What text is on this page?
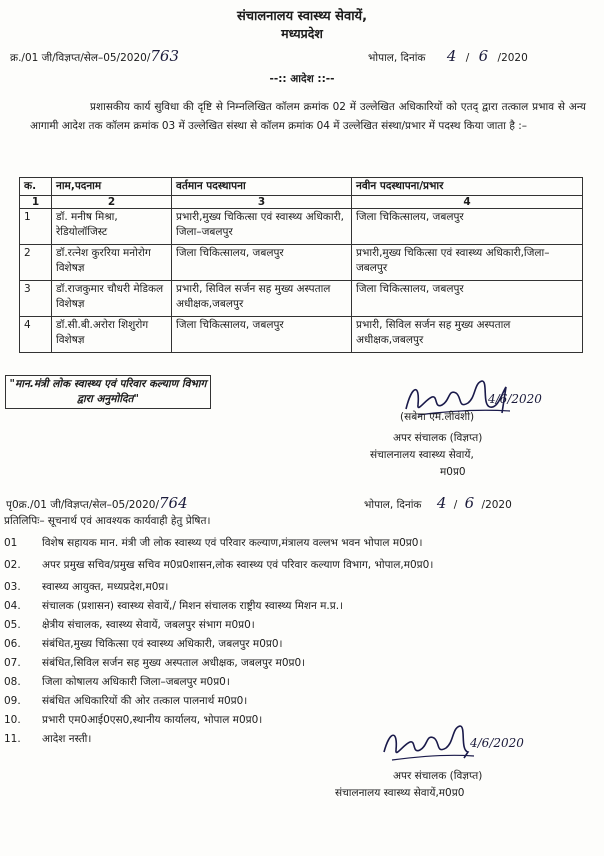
संचालनालय स्वास्थ्य सेवायें,
मध्यप्रदेश
क्र./01 जी/विज्ञप्त/सेल–05/2020/763	भोपाल, दिनांक 4 / 6 /2020
--:: आदेश ::--
प्रशासकीय कार्य सुविधा की दृष्टि से निम्नलिखित कॉलम क्रमांक 02 में उल्लेखित अधिकारियों को एतद् द्वारा तत्काल प्रभाव से अन्य आगामी आदेश तक कॉलम क्रमांक 03 में उल्लेखित संस्था से कॉलम क्रमांक 04 में उल्लेखित संस्था/प्रभार में पदस्थ किया जाता है :–
क.	नाम,पदनाम	वर्तमान पदस्थापना	नवीन पदस्थापना/प्रभार
1	2	3	4
1	डॉ. मनीष मिश्रा, रेडियोलॉजिस्ट	प्रभारी,मुख्य चिकित्सा एवं स्वास्थ्य अधिकारी, जिला–जबलपुर	जिला चिकित्सालय, जबलपुर
2	डॉ.रत्नेश कुररिया मनोरोग विशेषज्ञ	जिला चिकित्सालय, जबलपुर	प्रभारी,मुख्य चिकित्सा एवं स्वास्थ्य अधिकारी,जिला–जबलपुर
3	डॉ.राजकुमार चौधरी मेडिकल विशेषज्ञ	प्रभारी, सिविल सर्जन सह मुख्य अस्पताल अधीक्षक,जबलपुर	जिला चिकित्सालय, जबलपुर
4	डॉ.सी.बी.अरोरा शिशुरोग विशेषज्ञ	जिला चिकित्सालय, जबलपुर	प्रभारी, सिविल सर्जन सह मुख्य अस्पताल अधीक्षक,जबलपुर
"मान.मंत्री लोक स्वास्थ्य एवं परिवार कल्याण विभाग द्वारा अनुमोदित"	4/6/2020
(सबेना एम.लीवंशी)
अपर संचालक (विज्ञप्त)
संचालनालय स्वास्थ्य सेवायें,
म0प्र0
पृ0क्र./01 जी/विज्ञप्त/सेल–05/2020/764	भोपाल, दिनांक 4 / 6 /2020
प्रतिलिपिः– सूचनार्थ एवं आवश्यक कार्यवाही हेतु प्रेषित।
01	विशेष सहायक मान. मंत्री जी लोक स्वास्थ्य एवं परिवार कल्याण,मंत्रालय वल्लभ भवन भोपाल म0प्र0।
02.	अपर प्रमुख सचिव/प्रमुख सचिव म0प्र0शासन,लोक स्वास्थ्य एवं परिवार कल्याण विभाग, भोपाल,म0प्र0।
03.	स्वास्थ्य आयुक्त, मध्यप्रदेश,म0प्र।
04.	संचालक (प्रशासन) स्वास्थ्य सेवायें,/ मिशन संचालक राष्ट्रीय स्वास्थ्य मिशन म.प्र.।
05.	क्षेत्रीय संचालक, स्वास्थ्य सेवायें, जबलपुर संभाग म0प्र0।
06.	संबंधित,मुख्य चिकित्सा एवं स्वास्थ्य अधिकारी, जबलपुर म0प्र0।
07.	संबंधित,सिविल सर्जन सह मुख्य अस्पताल अधीक्षक, जबलपुर म0प्र0।
08.	जिला कोषालय अधिकारी जिला–जबलपुर म0प्र0।
09.	संबंधित अधिकारियों की ओर तत्काल पालनार्थ म0प्र0।
10.	प्रभारी एम0आई0एस0,स्थानीय कार्यालय, भोपाल म0प्र0।
11.	आदेश नस्ती।	4/6/2020
अपर संचालक (विज्ञप्त)
संचालनालय स्वास्थ्य सेवायें,म0प्र0
